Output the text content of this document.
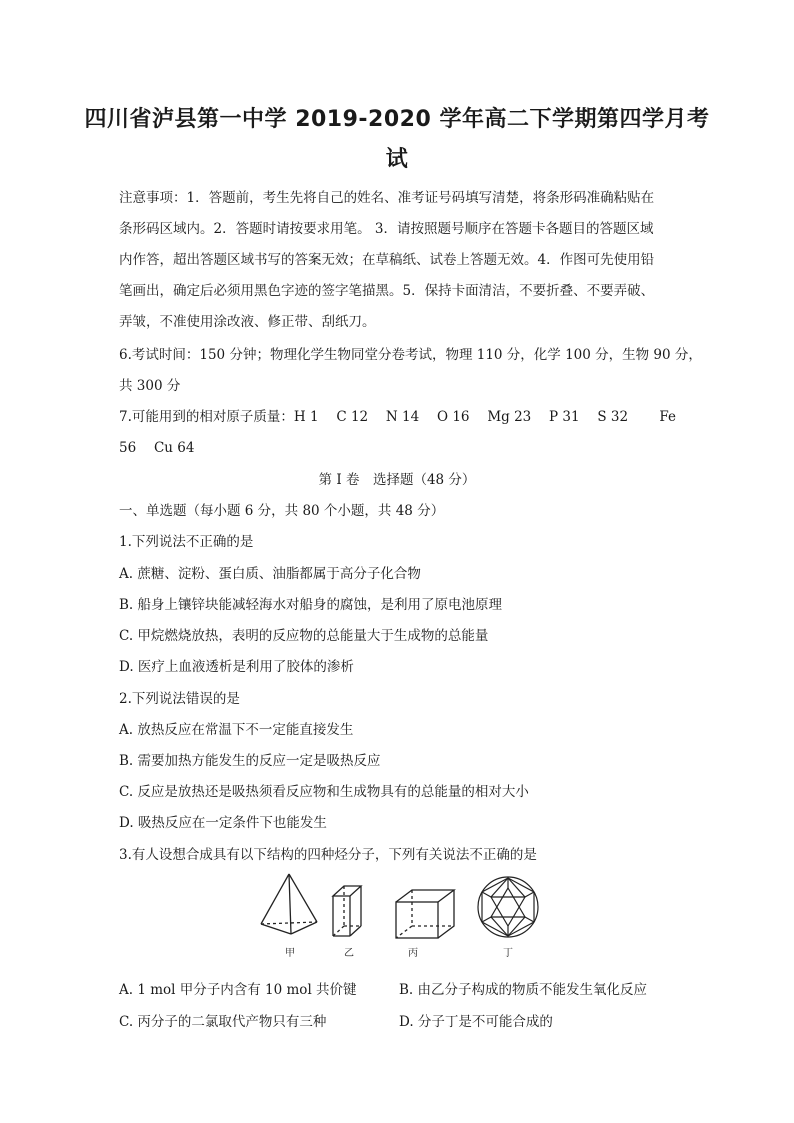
四川省泸县第一中学 2019-2020 学年高二下学期第四学月考
试
注意事项：1．答题前，考生先将自己的姓名、准考证号码填写清楚，将条形码准确粘贴在
条形码区域内。2．答题时请按要求用笔。 3．请按照题号顺序在答题卡各题目的答题区域
内作答，超出答题区域书写的答案无效；在草稿纸、试卷上答题无效。4．作图可先使用铅
笔画出，确定后必须用黑色字迹的签字笔描黑。5．保持卡面清洁，不要折叠、不要弄破、
弄皱，不准使用涂改液、修正带、刮纸刀。
6.考试时间：150 分钟；物理化学生物同堂分卷考试，物理 110 分，化学 100 分，生物 90 分，
共 300 分
7.可能用到的相对原子质量：H 1　 C 12　 N 14　 O 16　 Mg 23　 P 31　 S 32　　 Fe
56　 Cu 64
第 I 卷　选择题（48 分）
一、单选题（每小题 6 分，共 80 个小题，共 48 分）
1.下列说法不正确的是
A. 蔗糖、淀粉、蛋白质、油脂都属于高分子化合物
B. 船身上镶锌块能减轻海水对船身的腐蚀，是利用了原电池原理
C. 甲烷燃烧放热，表明的反应物的总能量大于生成物的总能量
D. 医疗上血液透析是利用了胶体的渗析
2.下列说法错误的是
A. 放热反应在常温下不一定能直接发生
B. 需要加热方能发生的反应一定是吸热反应
C. 反应是放热还是吸热须看反应物和生成物具有的总能量的相对大小
D. 吸热反应在一定条件下也能发生
3.有人设想合成具有以下结构的四种烃分子，下列有关说法不正确的是
甲	乙	丙	丁
A. 1 mol 甲分子内含有 10 mol 共价键	B. 由乙分子构成的物质不能发生氧化反应
C. 丙分子的二氯取代产物只有三种	D. 分子丁是不可能合成的
